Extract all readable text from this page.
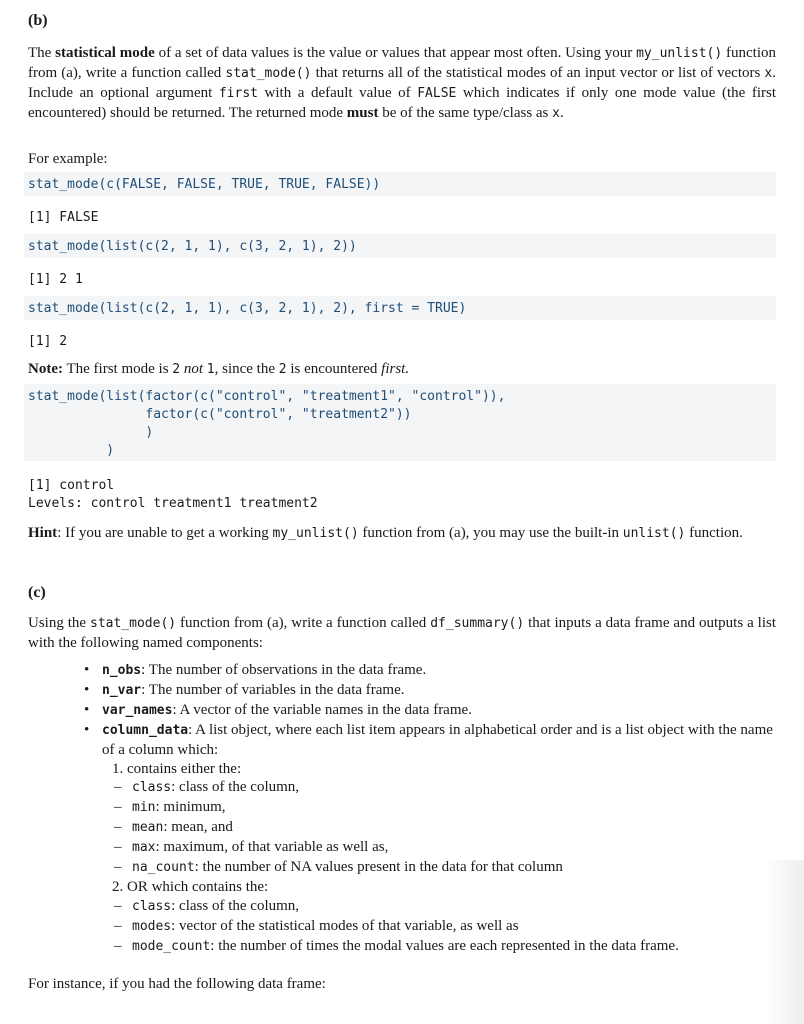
(b)
The statistical mode of a set of data values is the value or values that appear most often. Using your my_unlist() function from (a), write a function called stat_mode() that returns all of the statistical modes of an input vector or list of vectors x. Include an optional argument first with a default value of FALSE which indicates if only one mode value (the first encountered) should be returned. The returned mode must be of the same type/class as x.
For example:
stat_mode(c(FALSE, FALSE, TRUE, TRUE, FALSE))
[1] FALSE
stat_mode(list(c(2, 1, 1), c(3, 2, 1), 2))
[1] 2 1
stat_mode(list(c(2, 1, 1), c(3, 2, 1), 2), first = TRUE)
[1] 2
Note: The first mode is 2 not 1, since the 2 is encountered first.
stat_mode(list(factor(c("control", "treatment1", "control")),
factor(c("control", "treatment2"))
)
)
[1] control
Levels: control treatment1 treatment2
Hint: If you are unable to get a working my_unlist() function from (a), you may use the built-in unlist() function.
(c)
Using the stat_mode() function from (a), write a function called df_summary() that inputs a data frame and outputs a list with the following named components:
• n_obs: The number of observations in the data frame.
• n_var: The number of variables in the data frame.
• var_names: A vector of the variable names in the data frame.
• column_data: A list object, where each list item appears in alphabetical order and is a list object with the name of a column which:
1. contains either the:
– class: class of the column,
– min: minimum,
– mean: mean, and
– max: maximum, of that variable as well as,
– na_count: the number of NA values present in the data for that column
2. OR which contains the:
– class: class of the column,
– modes: vector of the statistical modes of that variable, as well as
– mode_count: the number of times the modal values are each represented in the data frame.
For instance, if you had the following data frame:
